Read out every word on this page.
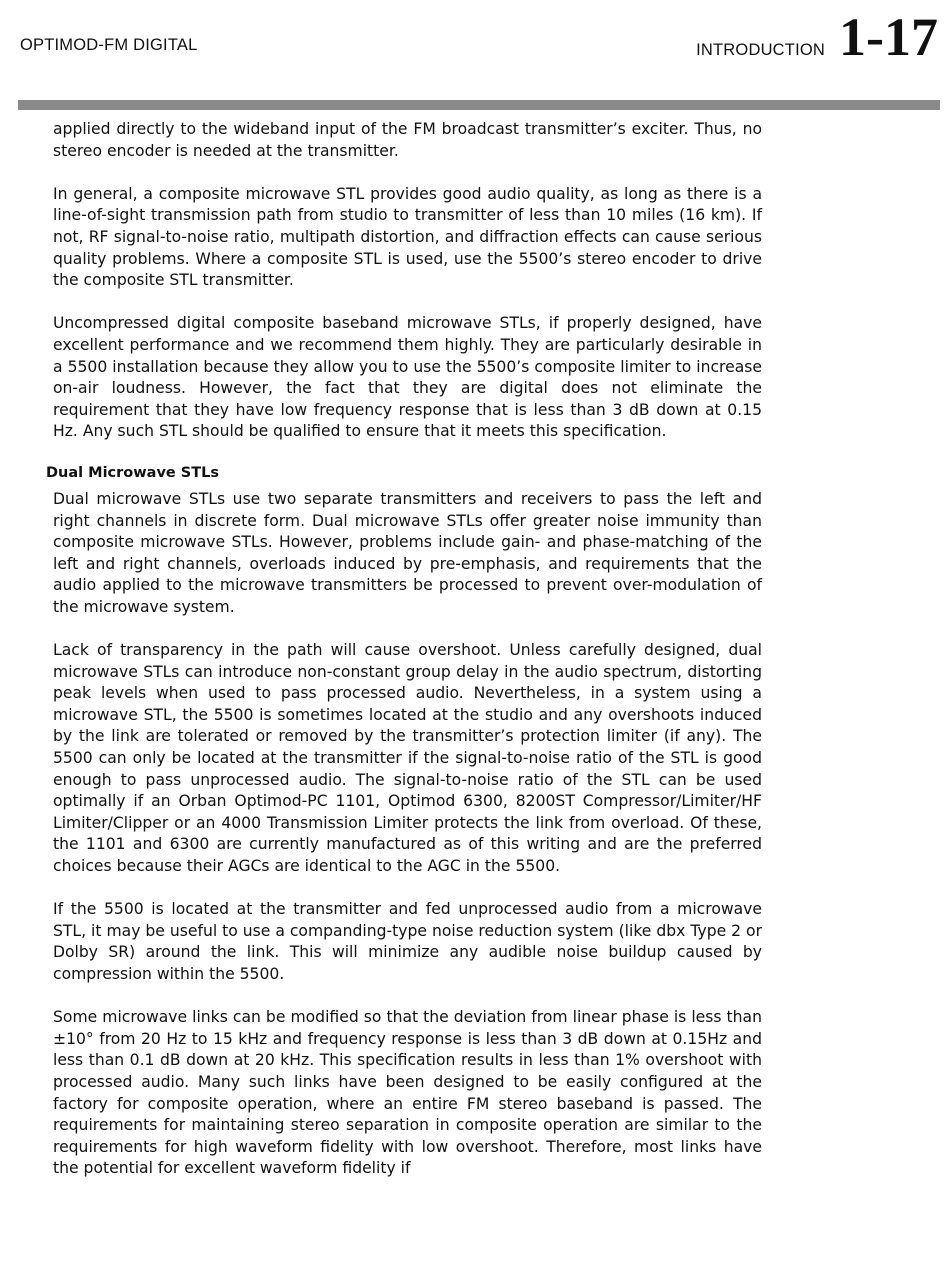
OPTIMOD-FM DIGITAL	INTRODUCTION 1-17

applied directly to the wideband input of the FM broadcast transmitter’s exciter. Thus, no stereo encoder is needed at the transmitter.

In general, a composite microwave STL provides good audio quality, as long as there is a line-of-sight transmission path from studio to transmitter of less than 10 miles (16 km). If not, RF signal-to-noise ratio, multipath distortion, and diffraction effects can cause serious quality problems. Where a composite STL is used, use the 5500’s stereo encoder to drive the composite STL transmitter.

Uncompressed digital composite baseband microwave STLs, if properly designed, have excellent performance and we recommend them highly. They are particularly desirable in a 5500 installation because they allow you to use the 5500’s composite limiter to increase on-air loudness. However, the fact that they are digital does not eliminate the requirement that they have low frequency response that is less than 3 dB down at 0.15 Hz. Any such STL should be qualified to ensure that it meets this specification.

Dual Microwave STLs

Dual microwave STLs use two separate transmitters and receivers to pass the left and right channels in discrete form. Dual microwave STLs offer greater noise immunity than composite microwave STLs. However, problems include gain- and phase-matching of the left and right channels, overloads induced by pre-emphasis, and requirements that the audio applied to the microwave transmitters be processed to prevent over-modulation of the microwave system.

Lack of transparency in the path will cause overshoot. Unless carefully designed, dual microwave STLs can introduce non-constant group delay in the audio spectrum, distorting peak levels when used to pass processed audio. Nevertheless, in a system using a microwave STL, the 5500 is sometimes located at the studio and any overshoots induced by the link are tolerated or removed by the transmitter’s protection limiter (if any). The 5500 can only be located at the transmitter if the signal-to-noise ratio of the STL is good enough to pass unprocessed audio. The signal-to-noise ratio of the STL can be used optimally if an Orban Optimod-PC 1101, Optimod 6300, 8200ST Compressor/Limiter/HF Limiter/Clipper or an 4000 Transmission Limiter protects the link from overload. Of these, the 1101 and 6300 are currently manufactured as of this writing and are the preferred choices because their AGCs are identical to the AGC in the 5500.

If the 5500 is located at the transmitter and fed unprocessed audio from a microwave STL, it may be useful to use a companding-type noise reduction system (like dbx Type 2 or Dolby SR) around the link. This will minimize any audible noise buildup caused by compression within the 5500.

Some microwave links can be modified so that the deviation from linear phase is less than ±10° from 20 Hz to 15 kHz and frequency response is less than 3 dB down at 0.15Hz and less than 0.1 dB down at 20 kHz. This specification results in less than 1% overshoot with processed audio. Many such links have been designed to be easily configured at the factory for composite operation, where an entire FM stereo baseband is passed. The requirements for maintaining stereo separation in composite operation are similar to the requirements for high waveform fidelity with low overshoot. Therefore, most links have the potential for excellent waveform fidelity if
